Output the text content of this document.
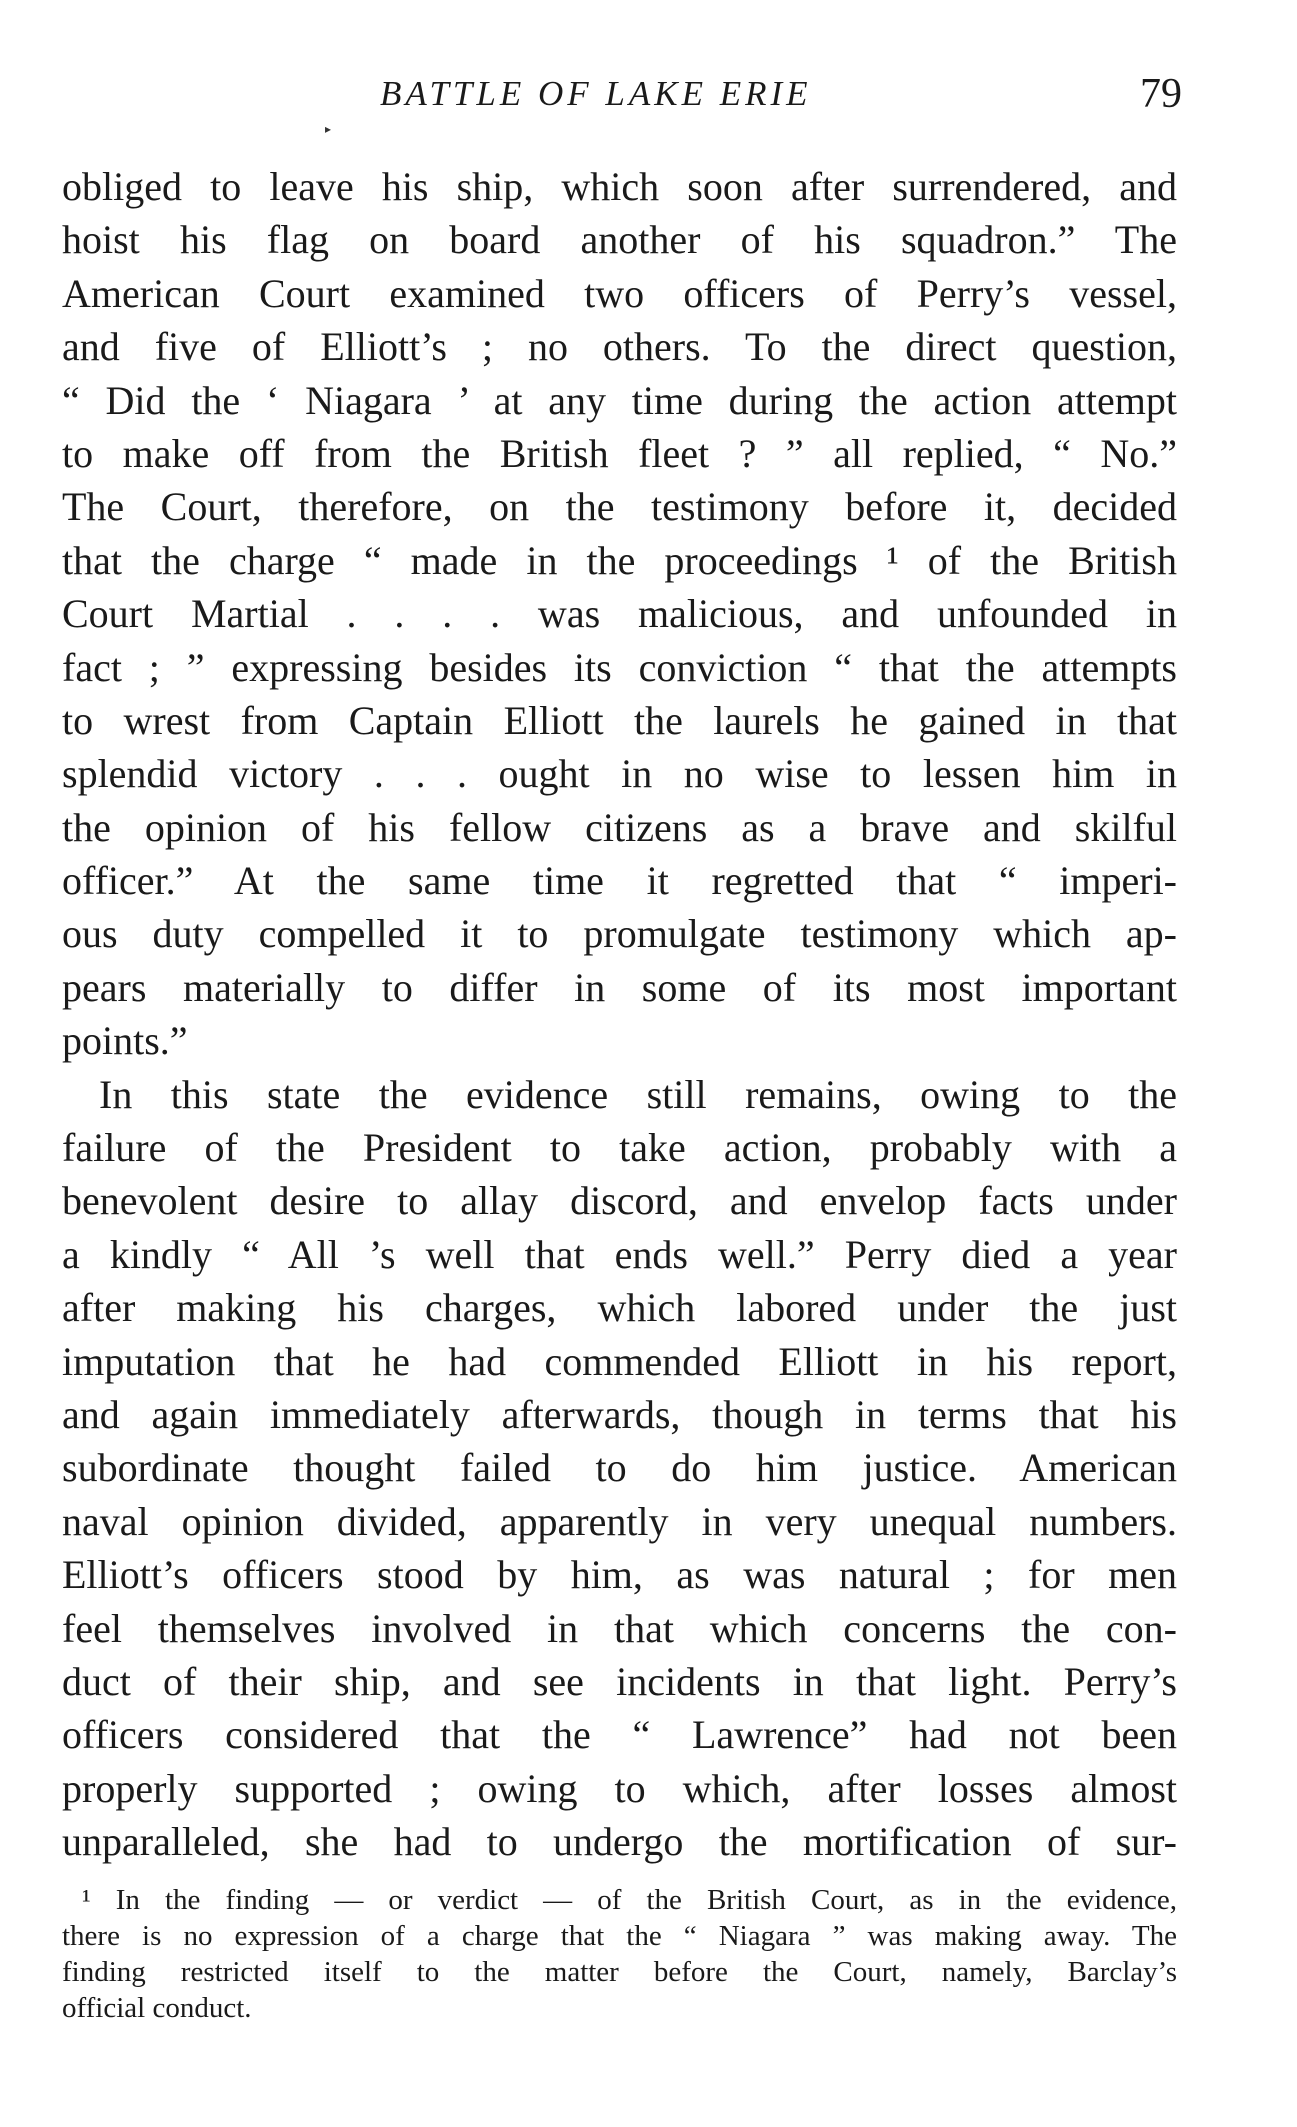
BATTLE OF LAKE ERIE	79
▸
obliged to leave his ship, which soon after surrendered, and
hoist his flag on board another of his squadron.” The
American Court examined two officers of Perry’s vessel,
and five of Elliott’s ; no others. To the direct question,
“ Did the ‘ Niagara ’ at any time during the action attempt
to make off from the British fleet ? ” all replied, “ No.”
The Court, therefore, on the testimony before it, decided
that the charge “ made in the proceedings ¹ of the British
Court Martial . . . . was malicious, and unfounded in
fact ; ” expressing besides its conviction “ that the attempts
to wrest from Captain Elliott the laurels he gained in that
splendid victory . . . ought in no wise to lessen him in
the opinion of his fellow citizens as a brave and skilful
officer.” At the same time it regretted that “ imperi-
ous duty compelled it to promulgate testimony which ap-
pears materially to differ in some of its most important
points.”
In this state the evidence still remains, owing to the
failure of the President to take action, probably with a
benevolent desire to allay discord, and envelop facts under
a kindly “ All ’s well that ends well.” Perry died a year
after making his charges, which labored under the just
imputation that he had commended Elliott in his report,
and again immediately afterwards, though in terms that his
subordinate thought failed to do him justice. American
naval opinion divided, apparently in very unequal numbers.
Elliott’s officers stood by him, as was natural ; for men
feel themselves involved in that which concerns the con-
duct of their ship, and see incidents in that light. Perry’s
officers considered that the “ Lawrence” had not been
properly supported ; owing to which, after losses almost
unparalleled, she had to undergo the mortification of sur-
¹ In the finding — or verdict — of the British Court, as in the evidence,
there is no expression of a charge that the “ Niagara ” was making away. The
finding restricted itself to the matter before the Court, namely, Barclay’s
official conduct.
